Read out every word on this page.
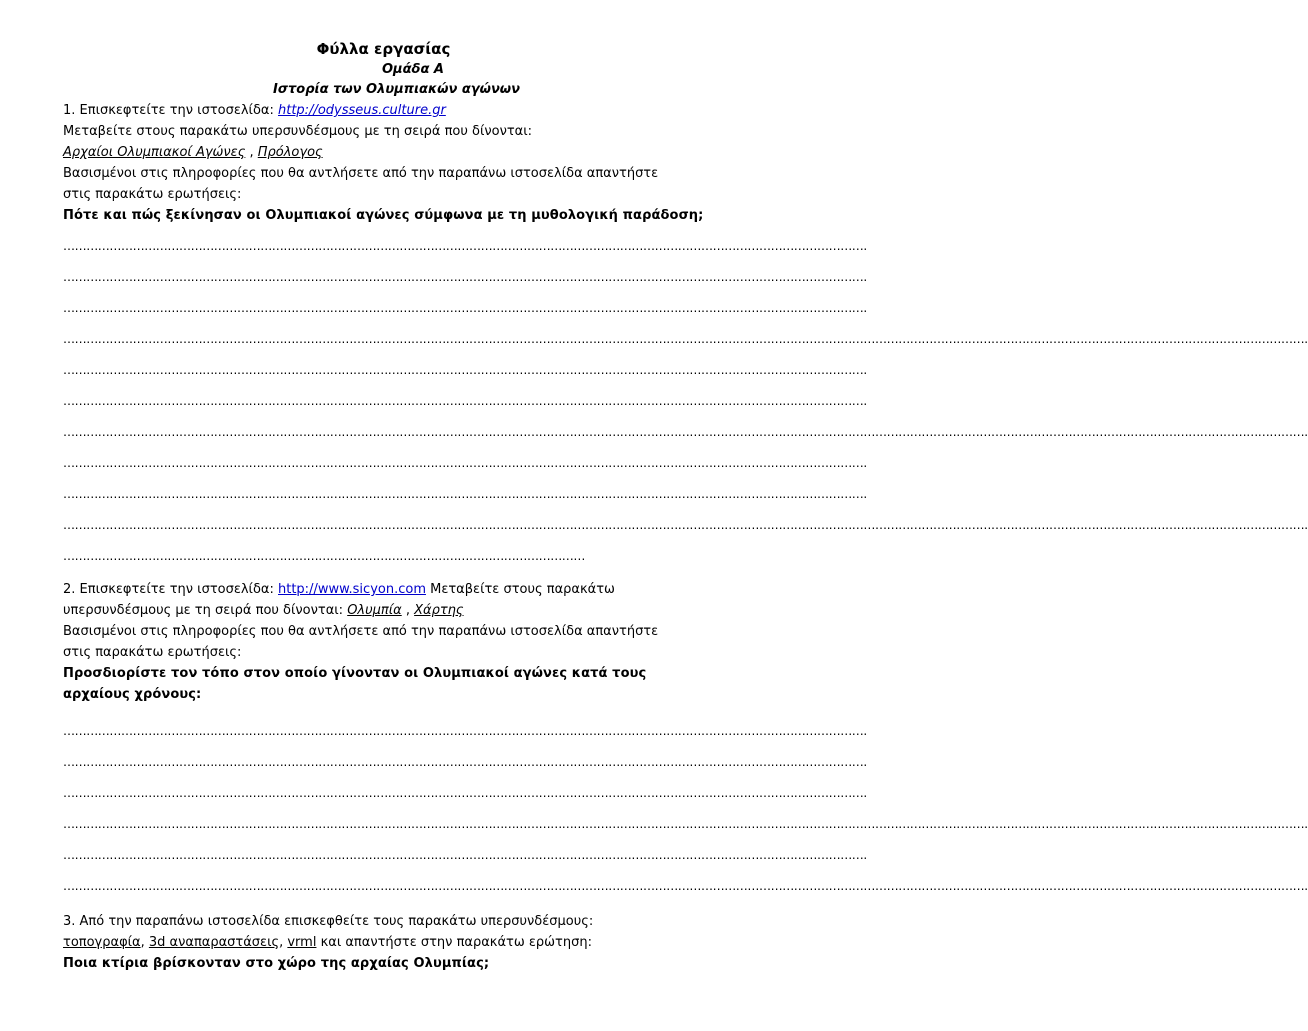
Φύλλα εργασίας
Ομάδα Α
Ιστορία των Ολυμπιακών αγώνων
1. Επισκεφτείτε την ιστοσελίδα: http://odysseus.culture.gr
Μεταβείτε στους παρακάτω υπερσυνδέσμους με τη σειρά που δίνονται:
Αρχαίοι Ολυμπιακοί Αγώνες , Πρόλογος
Βασισμένοι στις πληροφορίες που θα αντλήσετε από την παραπάνω ιστοσελίδα απαντήστε
στις παρακάτω ερωτήσεις:
Πότε και πώς ξεκίνησαν οι Ολυμπιακοί αγώνες σύμφωνα με τη μυθολογική παράδοση;
……………………………………………………………………………………………………………………………………………………………………………………….
……………………………………………………………………………………………………………………………………………………………………………………….
……………………………………………………………………………………………………………………………………………………………………………………….
…………………………………………………………………………………………………………………………………………………………………………………………………………………………………………………………………………………………….
……………………………………………………………………………………………………………………………………………………………………………………….
……………………………………………………………………………………………………………………………………………………………………………………….
…………………………………………………………………………………………………………………………………………………………………………………………………………………………………………………………………………………………….
……………………………………………………………………………………………………………………………………………………………………………………….
……………………………………………………………………………………………………………………………………………………………………………………….
…………………………………………………………………………………………………………………………………………………………………………………………………………………………………………………………………………………………….
………………………………………………………………………………………………………………………
2. Επισκεφτείτε την ιστοσελίδα: http://www.sicyon.com Μεταβείτε στους παρακάτω
υπερσυνδέσμους με τη σειρά που δίνονται: Ολυμπία , Χάρτης
Βασισμένοι στις πληροφορίες που θα αντλήσετε από την παραπάνω ιστοσελίδα απαντήστε
στις παρακάτω ερωτήσεις:
Προσδιορίστε τον τόπο στον οποίο γίνονταν οι Ολυμπιακοί αγώνες κατά τους
αρχαίους χρόνους:
……………………………………………………………………………………………………………………………………………………………………………………….
……………………………………………………………………………………………………………………………………………………………………………………….
……………………………………………………………………………………………………………………………………………………………………………………….
…………………………………………………………………………………………………………………………………………………………………………………………………………………………………………………………………………………………….
……………………………………………………………………………………………………………………………………………………………………………………….
…………………………………………………………………………………………………………………………………………………………………………………………………………………………………………………………………………………………….
3. Από την παραπάνω ιστοσελίδα επισκεφθείτε τους παρακάτω υπερσυνδέσμους:
τοπογραφία, 3d αναπαραστάσεις, vrml και απαντήστε στην παρακάτω ερώτηση:
Ποια κτίρια βρίσκονταν στο χώρο της αρχαίας Ολυμπίας;
